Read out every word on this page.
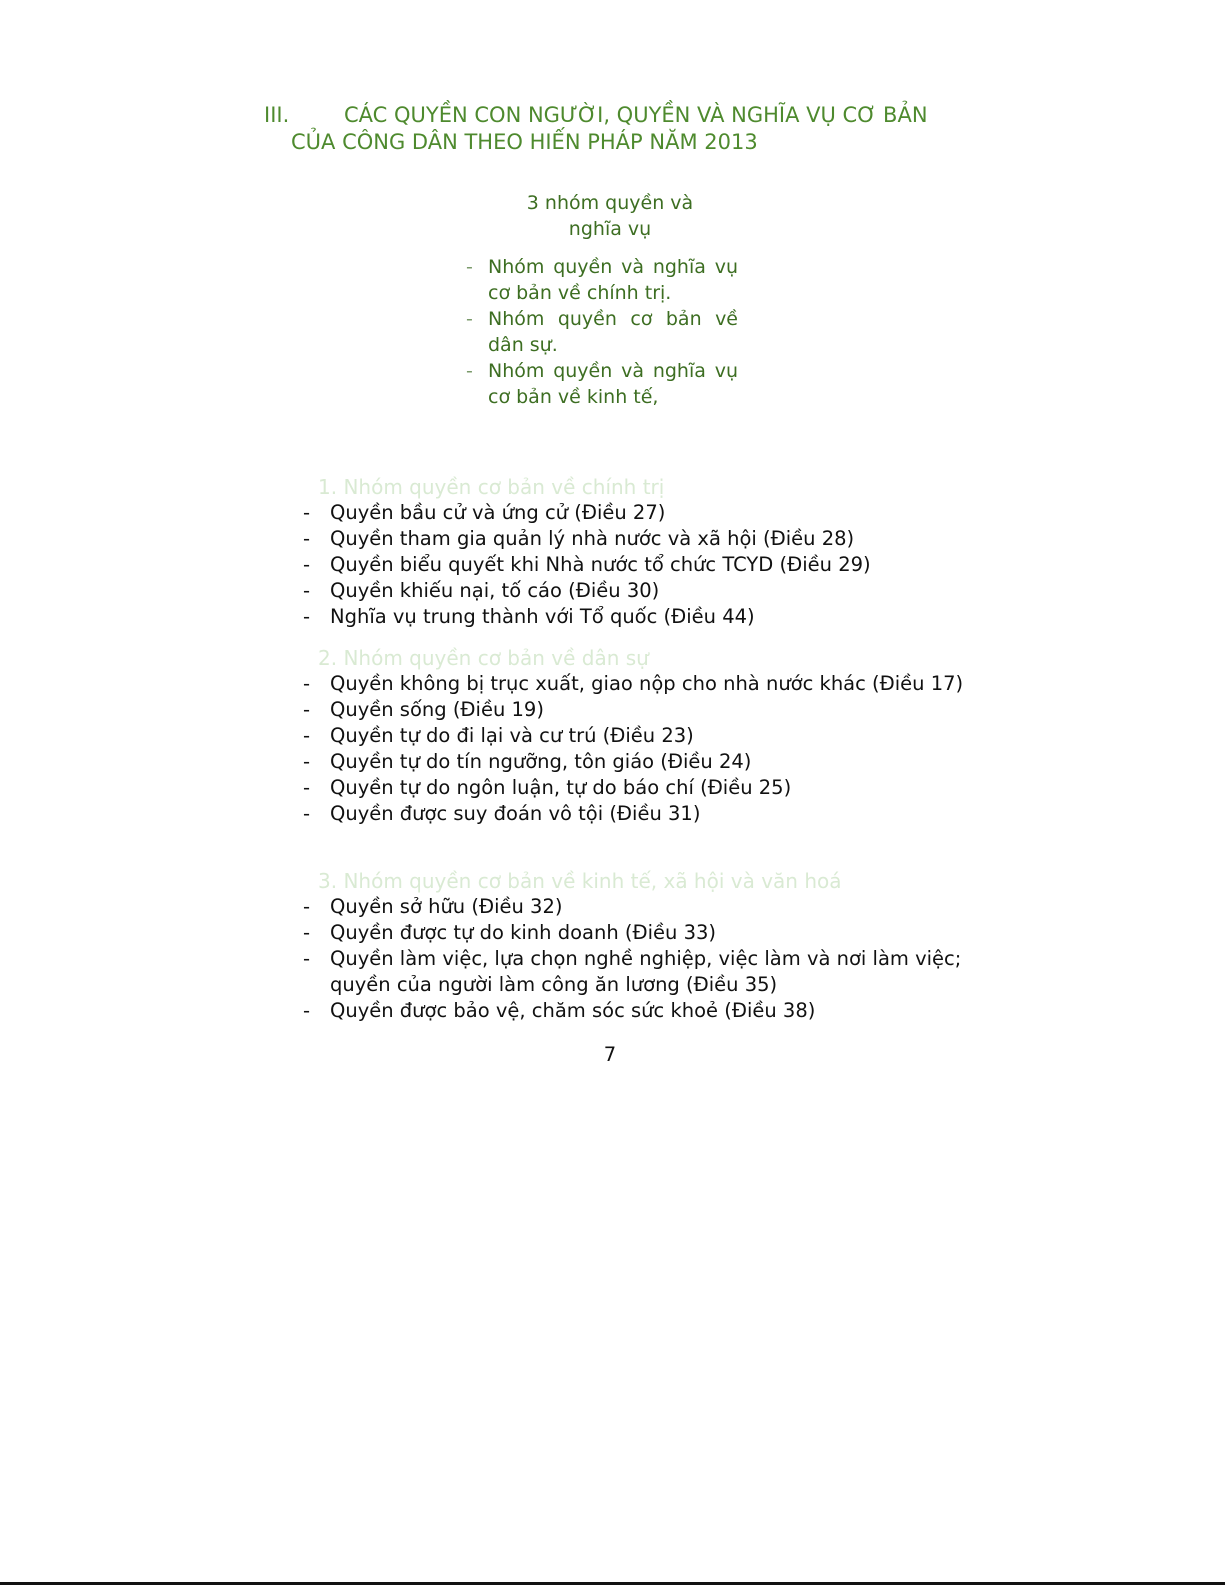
III.	CÁC QUYỀN CON NGƯỜI, QUYỀN VÀ NGHĨA VỤ CƠ BẢN
CỦA CÔNG DÂN THEO HIẾN PHÁP NĂM 2013
3 nhóm quyền và
nghĩa vụ
- Nhóm quyền và nghĩa vụ cơ bản về chính trị.
- Nhóm quyền cơ bản về dân sự.
- Nhóm quyền và nghĩa vụ cơ bản về kinh tế,
1. Nhóm quyền cơ bản về chính trị
- Quyền bầu cử và ứng cử (Điều 27)
- Quyền tham gia quản lý nhà nước và xã hội (Điều 28)
- Quyền biểu quyết khi Nhà nước tổ chức TCYD (Điều 29)
- Quyền khiếu nại, tố cáo (Điều 30)
- Nghĩa vụ trung thành với Tổ quốc (Điều 44)
2. Nhóm quyền cơ bản về dân sự
- Quyền không bị trục xuất, giao nộp cho nhà nước khác (Điều 17)
- Quyền sống (Điều 19)
- Quyền tự do đi lại và cư trú (Điều 23)
- Quyền tự do tín ngưỡng, tôn giáo (Điều 24)
- Quyền tự do ngôn luận, tự do báo chí (Điều 25)
- Quyền được suy đoán vô tội (Điều 31)
3. Nhóm quyền cơ bản về kinh tế, xã hội và văn hoá
- Quyền sở hữu (Điều 32)
- Quyền được tự do kinh doanh (Điều 33)
- Quyền làm việc, lựa chọn nghề nghiệp, việc làm và nơi làm việc; quyền của người làm công ăn lương (Điều 35)
- Quyền được bảo vệ, chăm sóc sức khoẻ (Điều 38)
7
